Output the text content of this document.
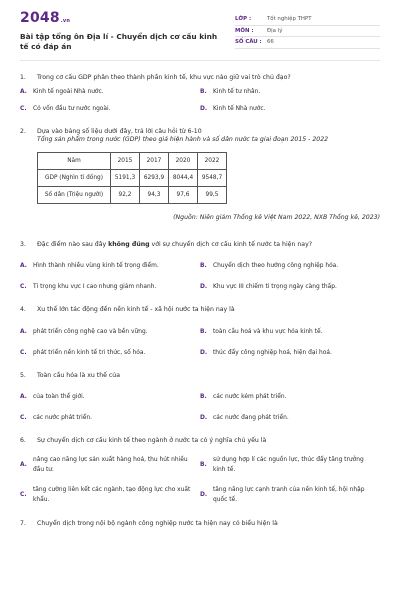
2048.vn
Bài tập tổng ôn Địa lí - Chuyển dịch cơ cấu kinh tế có đáp án
LỚP :	Tốt nghiệp THPT
MÔN :	Địa lý
SỐ CÂU : 66
1.	Trong cơ cấu GDP phân theo thành phần kinh tế, khu vực nào giữ vai trò chủ đạo?
A.	Kinh tế ngoài Nhà nước.	B.	Kinh tế tư nhân.
C.	Có vốn đầu tư nước ngoài.	D. Kinh tế Nhà nước.
2.	Dựa vào bảng số liệu dưới đây, trả lời câu hỏi từ 6-10
Tổng sản phẩm trong nước (GDP) theo giá hiện hành và số dân nước ta giai đoạn 2015 - 2022
Năm	2015	2017	2020	2022
GDP (Nghìn tỉ đồng)	5191,3	6293,9	8044,4	9548,7
Số dân (Triệu người)	92,2	94,3	97,6	99,5
(Nguồn: Niên giám Thống kê Việt Nam 2022, NXB Thống kê, 2023)
3.	Đặc điểm nào sau đây không đúng với sự chuyển dịch cơ cấu kinh tế nước ta hiện nay?
A.	Hình thành nhiều vùng kinh tế trọng điểm.	B.	Chuyển dịch theo hướng công nghiệp hóa.
C.	Tỉ trọng khu vực I cao nhưng giảm nhanh.	D. Khu vực III chiếm tỉ trọng ngày càng thấp.
4.	Xu thế lớn tác động đến nền kinh tế - xã hội nước ta hiện nay là
A.	phát triển công nghệ cao và bền vững.	B.	toàn cầu hoá và khu vực hóa kinh tế.
C.	phát triển nền kinh tế tri thức, số hóa.	D. thúc đẩy công nghiệp hoá, hiện đại hoá.
5.	Toàn cầu hóa là xu thế của
A.	của toàn thế giới.	B.	các nước kém phát triển.
C.	các nước phát triển.	D. các nước đang phát triển.
6.	Sự chuyển dịch cơ cấu kinh tế theo ngành ở nước ta có ý nghĩa chủ yếu là
A.
nâng cao năng lực sản xuất hàng hoá, thu hút nhiều đầu tư.
B.
sử dụng hợp lí các nguồn lực, thúc đẩy tăng trưởng kinh tế.
C.
tăng cường liên kết các ngành, tạo động lực cho xuất khẩu.
D.
tăng năng lực cạnh tranh của nền kinh tế, hội nhập quốc tế.
7.	Chuyển dịch trong nội bộ ngành công nghiệp nước ta hiện nay có biểu hiện là
